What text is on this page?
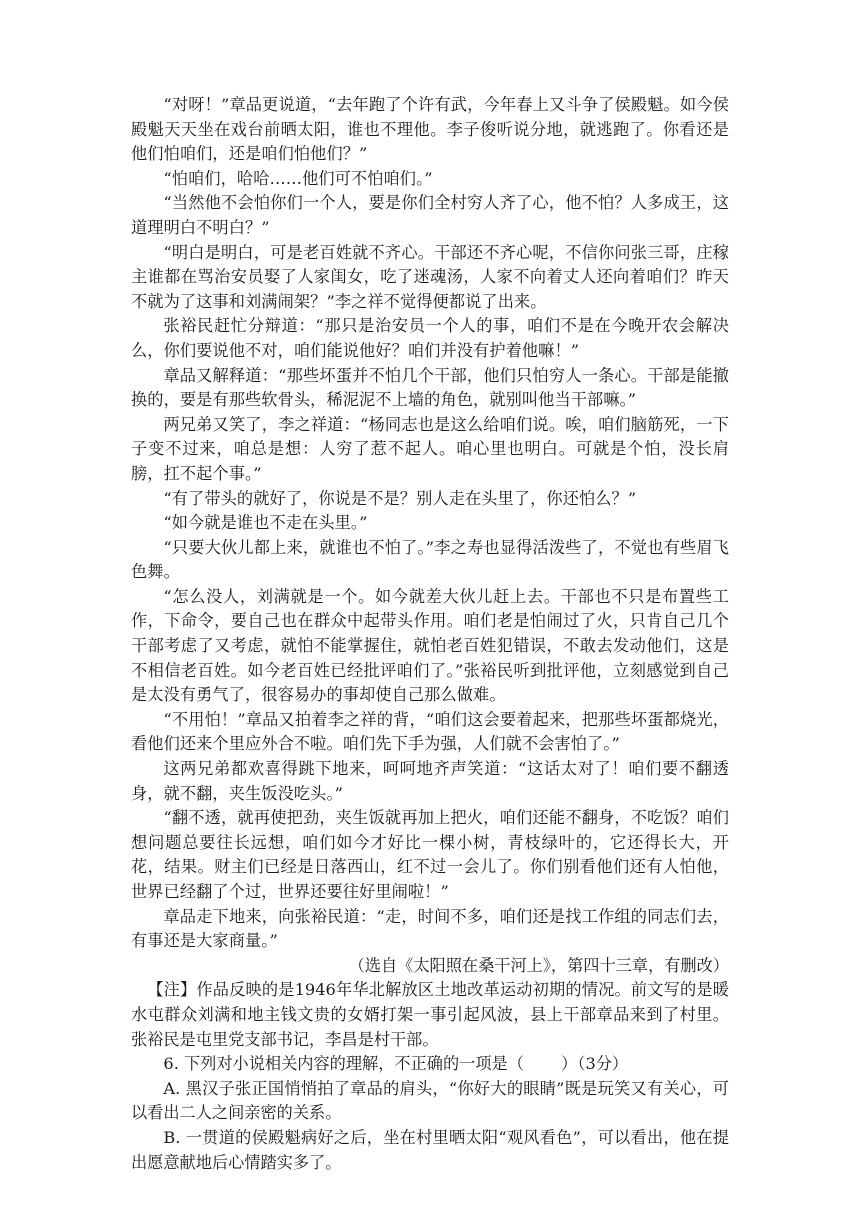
“对呀！”章品更说道，“去年跑了个许有武，今年春上又斗争了侯殿魁。如今侯殿魁天天坐在戏台前晒太阳，谁也不理他。李子俊听说分地，就逃跑了。你看还是他们怕咱们，还是咱们怕他们？”

“怕咱们，哈哈……他们可不怕咱们。”

“当然他不会怕你们一个人，要是你们全村穷人齐了心，他不怕？人多成王，这道理明白不明白？”

“明白是明白，可是老百姓就不齐心。干部还不齐心呢，不信你问张三哥，庄稼主谁都在骂治安员娶了人家闺女，吃了迷魂汤，人家不向着丈人还向着咱们？昨天不就为了这事和刘满闹架？”李之祥不觉得便都说了出来。

张裕民赶忙分辩道：“那只是治安员一个人的事，咱们不是在今晚开农会解决么，你们要说他不对，咱们能说他好？咱们并没有护着他嘛！”

章品又解释道：“那些坏蛋并不怕几个干部，他们只怕穷人一条心。干部是能撤换的，要是有那些软骨头，稀泥泥不上墙的角色，就别叫他当干部嘛。”

两兄弟又笑了，李之祥道：“杨同志也是这么给咱们说。唉，咱们脑筋死，一下子变不过来，咱总是想：人穷了惹不起人。咱心里也明白。可就是个怕，没长肩膀，扛不起个事。”

“有了带头的就好了，你说是不是？别人走在头里了，你还怕么？”

“如今就是谁也不走在头里。”

“只要大伙儿都上来，就谁也不怕了。”李之寿也显得活泼些了，不觉也有些眉飞色舞。

“怎么没人，刘满就是一个。如今就差大伙儿赶上去。干部也不只是布置些工作，下命令，要自己也在群众中起带头作用。咱们老是怕闹过了火，只肯自己几个干部考虑了又考虑，就怕不能掌握住，就怕老百姓犯错误，不敢去发动他们，这是不相信老百姓。如今老百姓已经批评咱们了。”张裕民听到批评他，立刻感觉到自己是太没有勇气了，很容易办的事却使自己那么做难。

“不用怕！”章品又拍着李之祥的背，“咱们这会要着起来，把那些坏蛋都烧光，看他们还来个里应外合不啦。咱们先下手为强，人们就不会害怕了。”

这两兄弟都欢喜得跳下地来，呵呵地齐声笑道：“这话太对了！咱们要不翻透身，就不翻，夹生饭没吃头。”

“翻不透，就再使把劲，夹生饭就再加上把火，咱们还能不翻身，不吃饭？咱们想问题总要往长远想，咱们如今才好比一棵小树，青枝绿叶的，它还得长大，开花，结果。财主们已经是日落西山，红不过一会儿了。你们别看他们还有人怕他，世界已经翻了个过，世界还要往好里闹啦！”

章品走下地来，向张裕民道：“走，时间不多，咱们还是找工作组的同志们去，有事还是大家商量。”

（选自《太阳照在桑干河上》，第四十三章，有删改）

【注】作品反映的是1946年华北解放区土地改革运动初期的情况。前文写的是暖水屯群众刘满和地主钱文贵的女婿打架一事引起风波，县上干部章品来到了村里。张裕民是屯里党支部书记，李昌是村干部。

6. 下列对小说相关内容的理解，不正确的一项是（ ）（3分）

A. 黑汉子张正国悄悄拍了章品的肩头，“你好大的眼睛”既是玩笑又有关心，可以看出二人之间亲密的关系。

B. 一贯道的侯殿魁病好之后，坐在村里晒太阳“观风看色”，可以看出，他在提出愿意献地后心情踏实多了。
